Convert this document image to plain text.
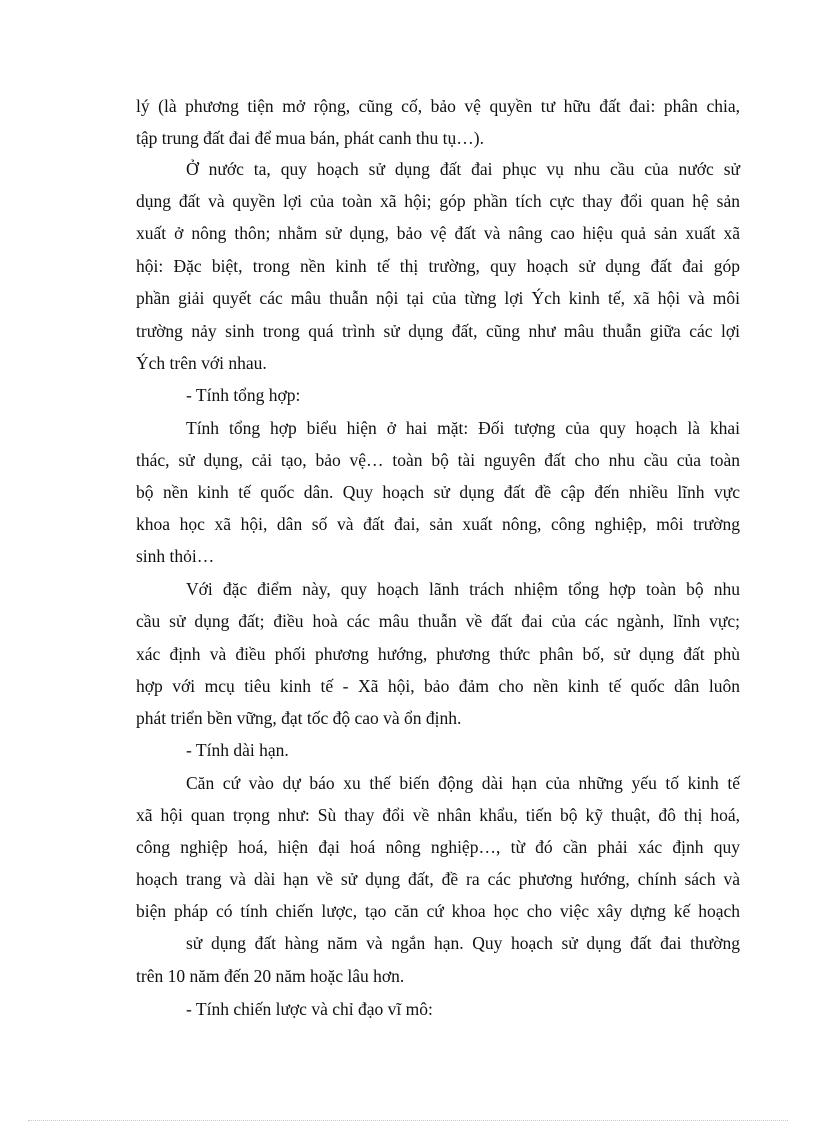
lý (là phương tiện mở rộng, cũng cố, bảo vệ quyền tư hữu đất đai: phân chia,
tập trung đất đai để mua bán, phát canh thu tụ…).
Ở nước ta, quy hoạch sử dụng đất đai phục vụ nhu cầu của nước sử
dụng đất và quyền lợi của toàn xã hội; góp phần tích cực thay đổi quan hệ sản
xuất ở nông thôn; nhằm sử dụng, bảo vệ đất và nâng cao hiệu quả sản xuất xã
hội: Đặc biệt, trong nền kinh tế thị trường, quy hoạch sử dụng đất đai góp
phần giải quyết các mâu thuẫn nội tại của từng lợi Ých kinh tế, xã hội và môi
trường nảy sinh trong quá trình sử dụng đất, cũng như mâu thuẫn giữa các lợi
Ých trên với nhau.
- Tính tổng hợp:
Tính tổng hợp biểu hiện ở hai mặt: Đối tượng của quy hoạch là khai
thác, sử dụng, cải tạo, bảo vệ… toàn bộ tài nguyên đất cho nhu cầu của toàn
bộ nền kinh tế quốc dân. Quy hoạch sử dụng đất đề cập đến nhiều lĩnh vực
khoa học xã hội, dân số và đất đai, sản xuất nông, công nghiệp, môi trường
sinh thỏi…
Với đặc điểm này, quy hoạch lãnh trách nhiệm tổng hợp toàn bộ nhu
cầu sử dụng đất; điều hoà các mâu thuẫn về đất đai của các ngành, lĩnh vực;
xác định và điều phối phương hướng, phương thức phân bố, sử dụng đất phù
hợp với mcụ tiêu kinh tế - Xã hội, bảo đảm cho nền kinh tế quốc dân luôn
phát triển bền vững, đạt tốc độ cao và ổn định.
- Tính dài hạn.
Căn cứ vào dự báo xu thế biến động dài hạn của những yếu tố kinh tế
xã hội quan trọng như: Sù thay đổi về nhân khẩu, tiến bộ kỹ thuật, đô thị hoá,
công nghiệp hoá, hiện đại hoá nông nghiệp…, từ đó cần phải xác định quy
hoạch trang và dài hạn về sử dụng đất, đề ra các phương hướng, chính sách và
biện pháp có tính chiến lược, tạo căn cứ khoa học cho việc xây dựng kế hoạch
sử dụng đất hàng năm và ngắn hạn. Quy hoạch sử dụng đất đai thường
trên 10 năm đến 20 năm hoặc lâu hơn.
- Tính chiến lược và chỉ đạo vĩ mô:
